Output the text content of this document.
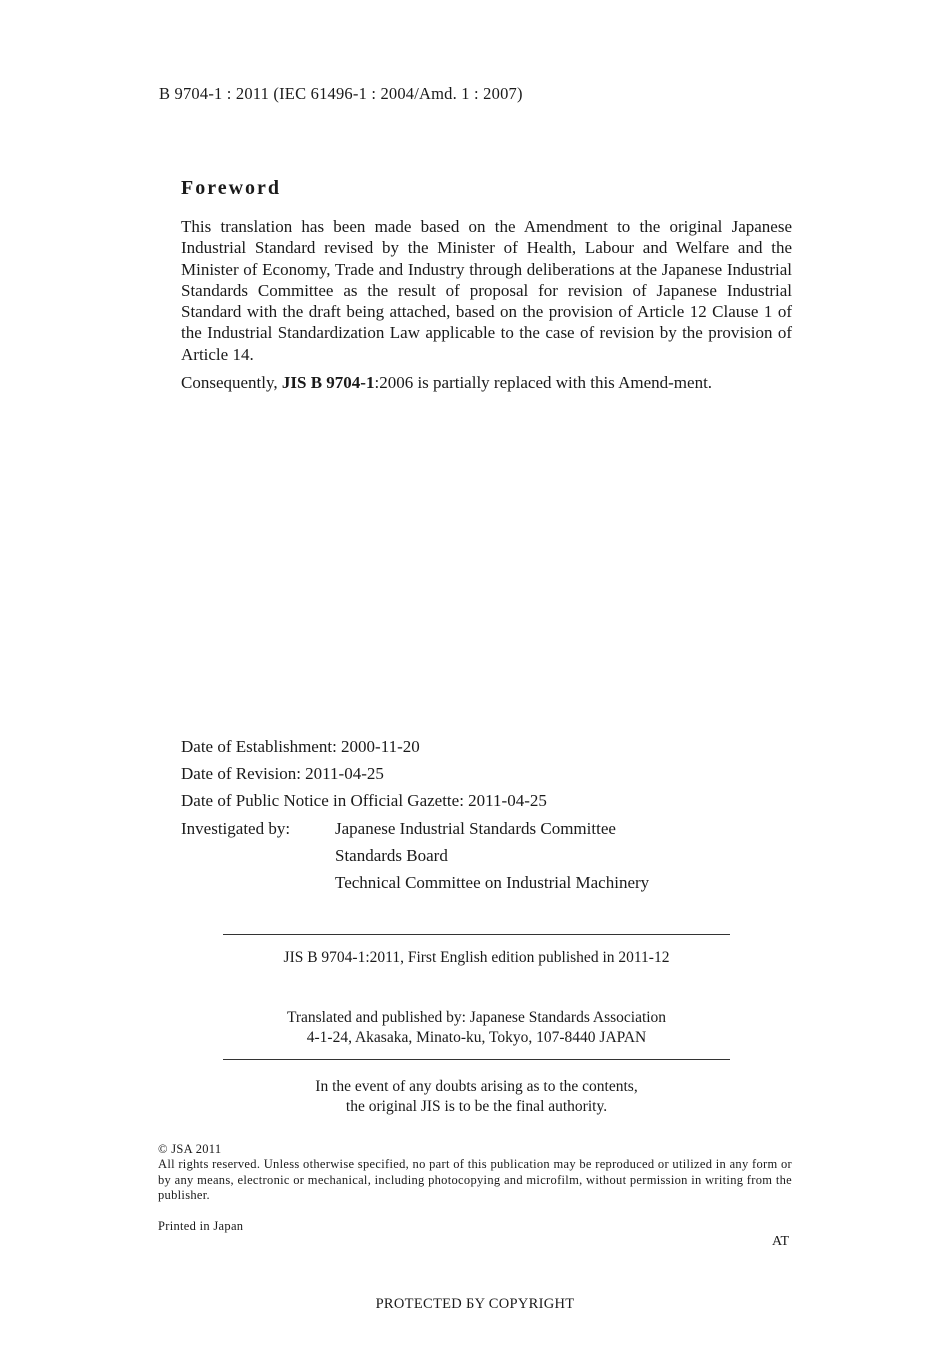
B 9704-1 : 2011 (IEC 61496-1 : 2004/Amd. 1 : 2007)
Foreword

This translation has been made based on the Amendment to the original Japanese Industrial Standard revised by the Minister of Health, Labour and Welfare and the Minister of Economy, Trade and Industry through deliberations at the Japanese Industrial Standards Committee as the result of proposal for revision of Japanese Industrial Standard with the draft being attached, based on the provision of Article 12 Clause 1 of the Industrial Standardization Law applicable to the case of revision by the provision of Article 14.

Consequently, JIS B 9704-1:2006 is partially replaced with this Amend-ment.

Date of Establishment: 2000-11-20
Date of Revision: 2011-04-25
Date of Public Notice in Official Gazette: 2011-04-25
Investigated by:	Japanese Industrial Standards Committee
Standards Board
Technical Committee on Industrial Machinery
JIS B 9704-1:2011, First English edition published in 2011-12
Translated and published by: Japanese Standards Association
4-1-24, Akasaka, Minato-ku, Tokyo, 107-8440 JAPAN
In the event of any doubts arising as to the contents,
the original JIS is to be the final authority.

© JSA 2011

All rights reserved. Unless otherwise specified, no part of this publication may be reproduced or utilized in any form or by any means, electronic or mechanical, including photocopying and microfilm, without permission in writing from the publisher.

Printed in Japan
AT
PROTECTED БY COPYRIGHT
